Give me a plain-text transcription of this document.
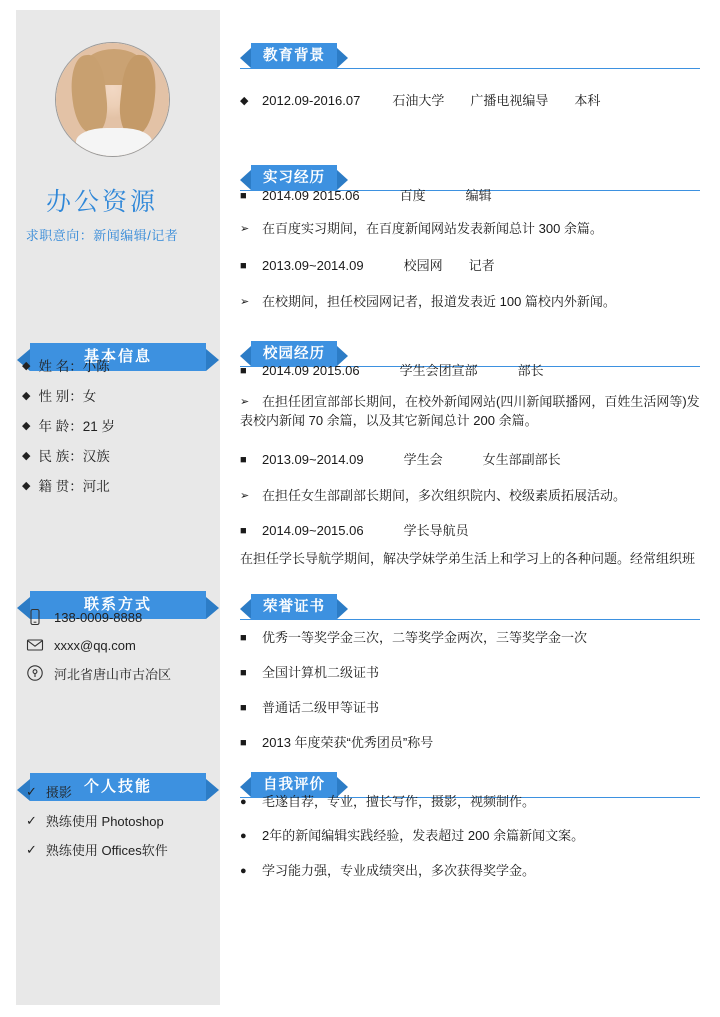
办公资源
求职意向：新闻编辑/记者
基本信息
◆ 姓 名：小陈
◆ 性 别：女
◆ 年 龄：21 岁
◆ 民 族：汉族
◆ 籍 贯：河北
联系方式
138-0009-8888
xxxx@qq.com
河北省唐山市古冶区
个人技能
✓ 摄影
✓ 熟练使用 Photoshop
✓ 熟练使用 Offices软件
教育背景
◆ 2012.09-2016.07 石油大学 广播电视编导 本科
实习经历
■ 2014.09 2015.06	百度	编辑
➢ 在百度实习期间，在百度新闻网站发表新闻总计 300 余篇。
■ 2013.09~2014.09	校园网 记者
➢ 在校期间，担任校园网记者，报道发表近 100 篇校内外新闻。
校园经历
■ 2014.09 2015.06	学生会团宣部	部长
➢ 在担任团宣部部长期间，在校外新闻网站(四川新闻联播网，百姓生活网等)发表校内新闻 70 余篇，以及其它新闻总计 200 余篇。
■ 2013.09~2014.09	学生会	女生部副部长
➢ 在担任女生部副部长期间，多次组织院内、校级素质拓展活动。
■ 2014.09~2015.06	学长导航员
在担任学长导航学期间，解决学妹学弟生活上和学习上的各种问题。经常组织班
荣誉证书
■ 优秀一等奖学金三次，二等奖学金两次，三等奖学金一次
■ 全国计算机二级证书
■ 普通话二级甲等证书
■ 2013 年度荣获“优秀团员”称号
自我评价
● 毛遂自荐，专业，擅长写作，摄影，视频制作。
● 2年的新闻编辑实践经验，发表超过 200 余篇新闻文案。
● 学习能力强，专业成绩突出，多次获得奖学金。
